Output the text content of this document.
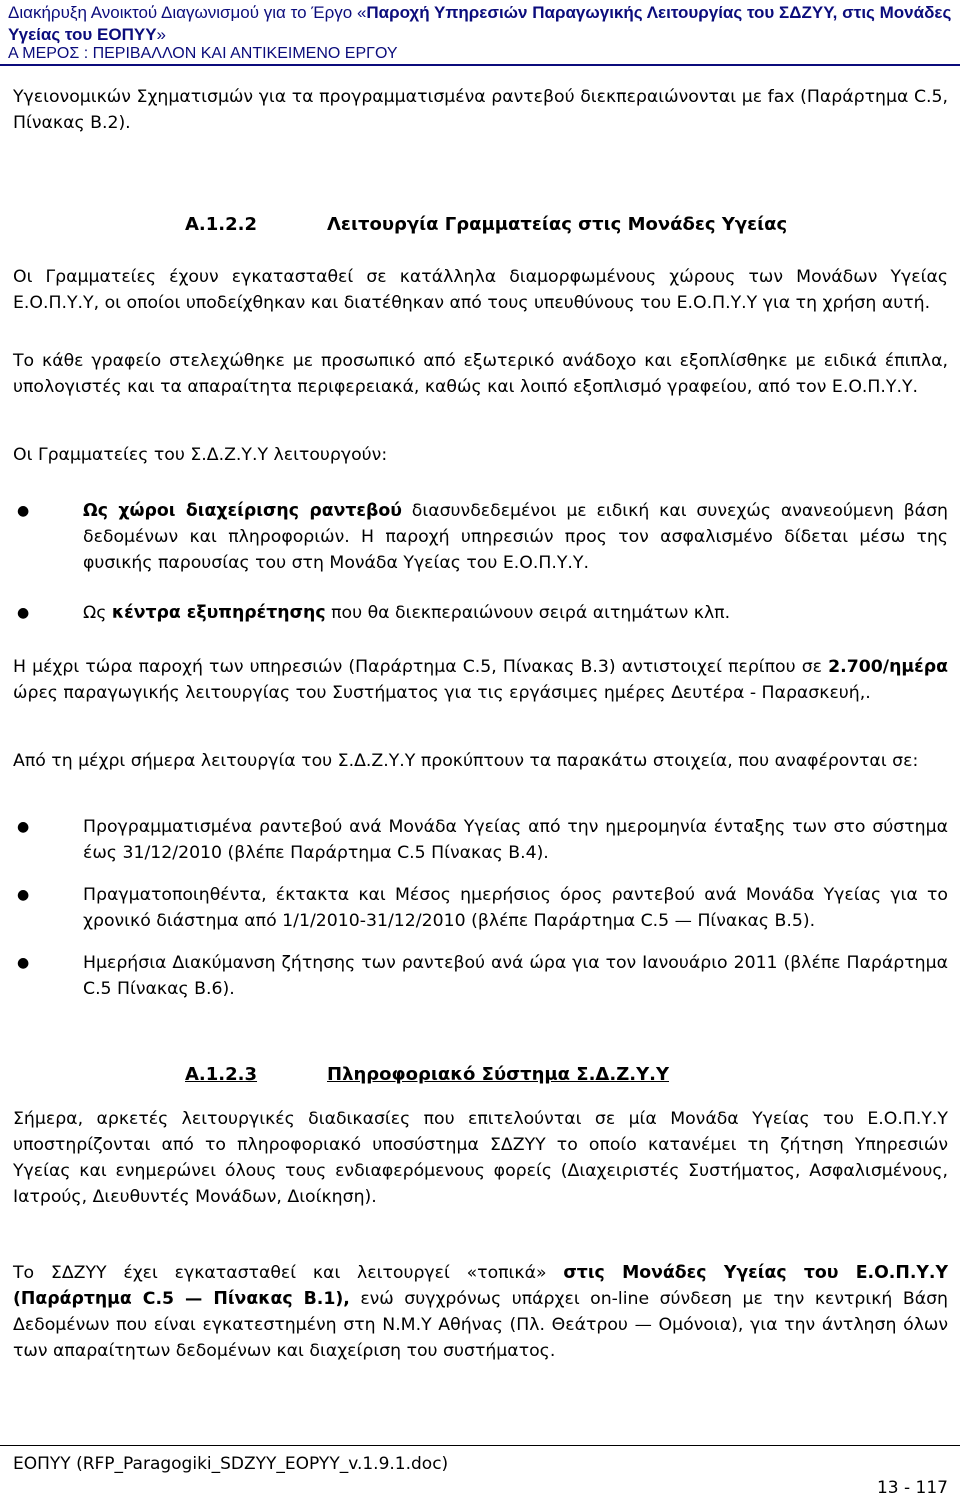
Διακήρυξη Ανοικτού Διαγωνισμού για το Έργο «Παροχή Υπηρεσιών Παραγωγικής Λειτουργίας του ΣΔΖΥΥ, στις Μονάδες Υγείας του ΕΟΠΥΥ»
Α ΜΕΡΟΣ : ΠΕΡΙΒΑΛΛΟΝ ΚΑΙ ΑΝΤΙΚΕΙΜΕΝΟ ΕΡΓΟΥ

Υγειονομικών Σχηματισμών για τα προγραμματισμένα ραντεβού διεκπεραιώνονται με fax (Παράρτημα C.5, Πίνακας Β.2).

Α.1.2.2	Λειτουργία Γραμματείας στις Μονάδες Υγείας

Οι Γραμματείες έχουν εγκατασταθεί σε κατάλληλα διαμορφωμένους χώρους των Μονάδων Υγείας Ε.Ο.Π.Υ.Υ, οι οποίοι υποδείχθηκαν και διατέθηκαν από τους υπευθύνους του Ε.Ο.Π.Υ.Υ για τη χρήση αυτή.

Το κάθε γραφείο στελεχώθηκε με προσωπικό από εξωτερικό ανάδοχο και εξοπλίσθηκε με ειδικά έπιπλα, υπολογιστές και τα απαραίτητα περιφερειακά, καθώς και λοιπό εξοπλισμό γραφείου, από τον Ε.Ο.Π.Υ.Υ.

Οι Γραμματείες του Σ.Δ.Ζ.Υ.Υ λειτουργούν:

●	Ως χώροι διαχείρισης ραντεβού διασυνδεδεμένοι με ειδική και συνεχώς ανανεούμενη βάση δεδομένων και πληροφοριών. Η παροχή υπηρεσιών προς τον ασφαλισμένο δίδεται μέσω της φυσικής παρουσίας του στη Μονάδα Υγείας του Ε.Ο.Π.Υ.Υ.
●	Ως κέντρα εξυπηρέτησης που θα διεκπεραιώνουν σειρά αιτημάτων κλπ.

Η μέχρι τώρα παροχή των υπηρεσιών (Παράρτημα C.5, Πίνακας Β.3) αντιστοιχεί περίπου σε 2.700/ημέρα ώρες παραγωγικής λειτουργίας του Συστήματος για τις εργάσιμες ημέρες Δευτέρα - Παρασκευή,.

Από τη μέχρι σήμερα λειτουργία του Σ.Δ.Ζ.Υ.Υ προκύπτουν τα παρακάτω στοιχεία, που αναφέρονται σε:

●	Προγραμματισμένα ραντεβού ανά Μονάδα Υγείας από την ημερομηνία ένταξης των στο σύστημα έως 31/12/2010 (βλέπε Παράρτημα C.5 Πίνακας Β.4).
●	Πραγματοποιηθέντα, έκτακτα και Μέσος ημερήσιος όρος ραντεβού ανά Μονάδα Υγείας για το χρονικό διάστημα από 1/1/2010-31/12/2010 (βλέπε Παράρτημα C.5 — Πίνακας Β.5).
●	Ημερήσια Διακύμανση ζήτησης των ραντεβού ανά ώρα για τον Ιανουάριο 2011 (βλέπε Παράρτημα C.5 Πίνακας Β.6).
Α.1.2.3	Πληροφοριακό Σύστημα Σ.Δ.Ζ.Υ.Υ

Σήμερα, αρκετές λειτουργικές διαδικασίες που επιτελούνται σε μία Μονάδα Υγείας του Ε.Ο.Π.Υ.Υ υποστηρίζονται από το πληροφοριακό υποσύστημα ΣΔΖΥΥ το οποίο κατανέμει τη ζήτηση Υπηρεσιών Υγείας και ενημερώνει όλους τους ενδιαφερόμενους φορείς (Διαχειριστές Συστήματος, Ασφαλισμένους, Ιατρούς, Διευθυντές Μονάδων, Διοίκηση).

Το ΣΔΖΥΥ έχει εγκατασταθεί και λειτουργεί «τοπικά» στις Μονάδες Υγείας του Ε.Ο.Π.Υ.Υ (Παράρτημα C.5 — Πίνακας Β.1), ενώ συγχρόνως υπάρχει on-line σύνδεση με την κεντρική Βάση Δεδομένων που είναι εγκατεστημένη στη Ν.Μ.Υ Αθήνας (Πλ. Θεάτρου — Ομόνοια), για την άντληση όλων των απαραίτητων δεδομένων και διαχείριση του συστήματος.

ΕΟΠΥΥ (RFP_Paragogiki_SDZYY_EOPYY_v.1.9.1.doc)
13 - 117
